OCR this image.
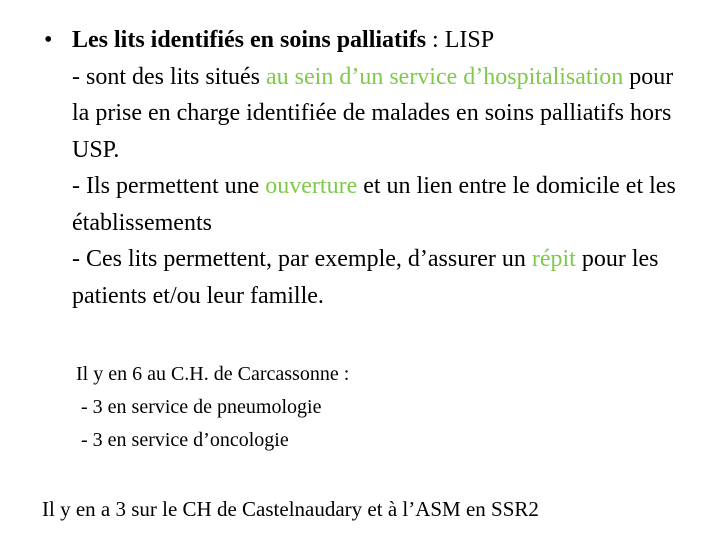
• Les lits identifiés en soins palliatifs : LISP
- sont des lits situés au sein d’un service d’hospitalisation pour la prise en charge identifiée de malades en soins palliatifs hors USP.
- Ils permettent une ouverture et un lien entre le domicile et les établissements
- Ces lits permettent, par exemple, d’assurer un répit pour les patients et/ou leur famille.
Il y en 6 au C.H. de Carcassonne :
- 3 en service de pneumologie
- 3 en service d’oncologie
Il y en a 3 sur le CH de Castelnaudary et à l’ASM en SSR2
